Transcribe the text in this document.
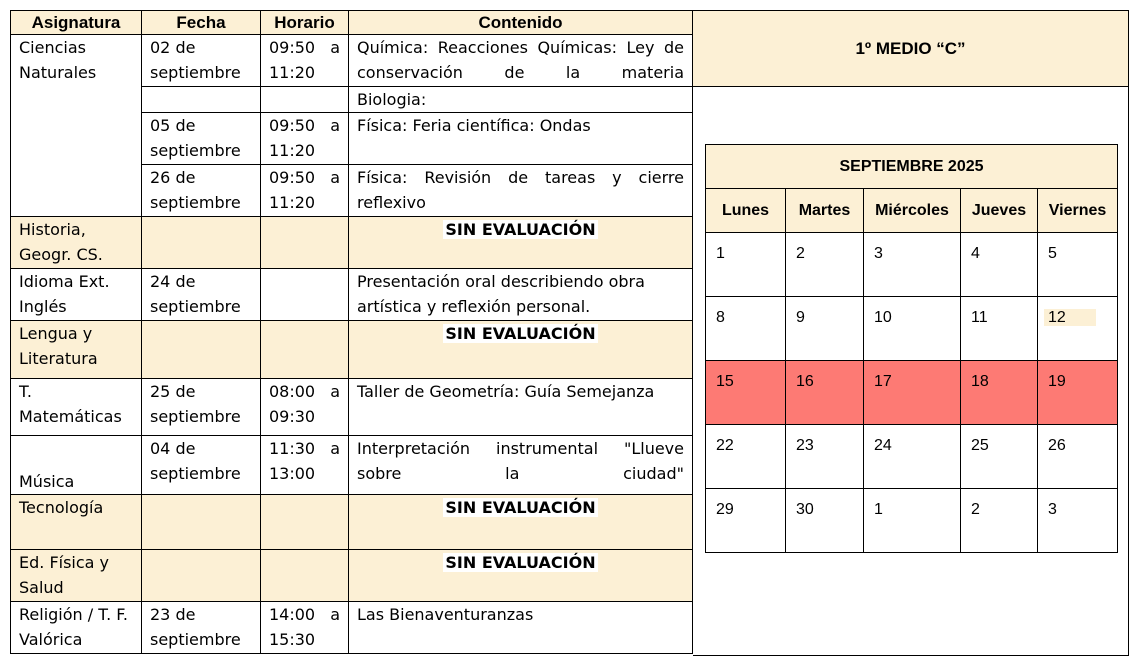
Asignatura	Fecha	Horario	Contenido
Ciencias Naturales	02 de septiembre	09:50 a 11:20	Química: Reacciones Químicas: Ley de conservación de la materia
			Biologia:
	05 de septiembre	09:50 a 11:20	Física: Feria científica: Ondas
	26 de septiembre	09:50 a 11:20	Física: Revisión de tareas y cierre reflexivo
Historia, Geogr. CS.			SIN EVALUACIÓN
Idioma Ext. Inglés	24 de septiembre		Presentación oral describiendo obra artística y reflexión personal.
Lengua y Literatura			SIN EVALUACIÓN
T. Matemáticas	25 de septiembre	08:00 a 09:30	Taller de Geometría: Guía Semejanza
Música	04 de septiembre	11:30 a 13:00	Interpretación instrumental "Llueve sobre la ciudad"
Tecnología			SIN EVALUACIÓN
Ed. Física y Salud			SIN EVALUACIÓN
Religión / T. F. Valórica	23 de septiembre	14:00 a 15:30	Las Bienaventuranzas
1º MEDIO “C”
SEPTIEMBRE 2025				
Lunes	Martes	Miércoles	Jueves	Viernes
1	2	3	4	5
8	9	10	11	12
15	16	17	18	19
22	23	24	25	26
29	30	1	2	3
